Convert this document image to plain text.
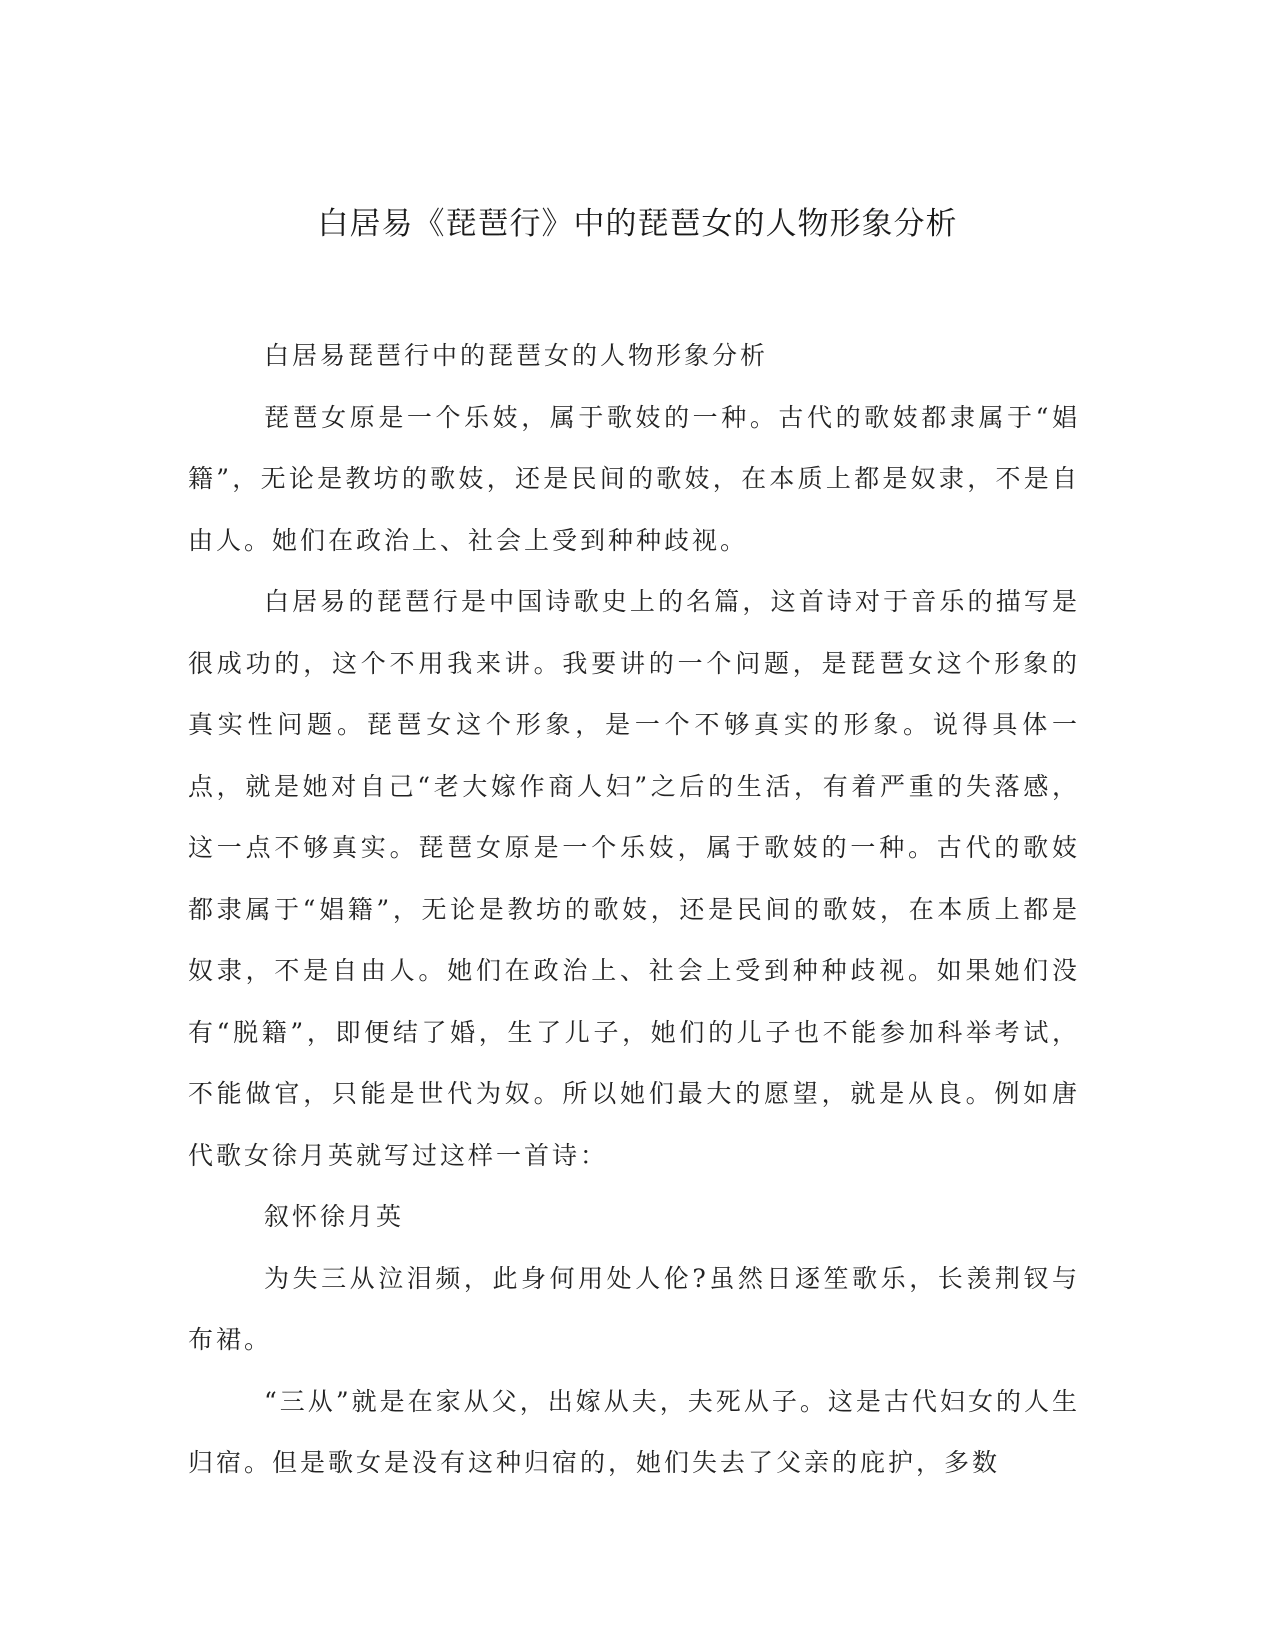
白居易《琵琶行》中的琵琶女的人物形象分析

白居易琵琶行中的琵琶女的人物形象分析

琵琶女原是一个乐妓，属于歌妓的一种。古代的歌妓都隶属于“娼籍”，无论是教坊的歌妓，还是民间的歌妓，在本质上都是奴隶，不是自由人。她们在政治上、社会上受到种种歧视。

白居易的琵琶行是中国诗歌史上的名篇，这首诗对于音乐的描写是很成功的，这个不用我来讲。我要讲的一个问题，是琵琶女这个形象的真实性问题。琵琶女这个形象，是一个不够真实的形象。说得具体一点，就是她对自己“老大嫁作商人妇”之后的生活，有着严重的失落感，这一点不够真实。琵琶女原是一个乐妓，属于歌妓的一种。古代的歌妓都隶属于“娼籍”，无论是教坊的歌妓，还是民间的歌妓，在本质上都是奴隶，不是自由人。她们在政治上、社会上受到种种歧视。如果她们没有“脱籍”，即便结了婚，生了儿子，她们的儿子也不能参加科举考试，不能做官，只能是世代为奴。所以她们最大的愿望，就是从良。例如唐代歌女徐月英就写过这样一首诗：

叙怀徐月英

为失三从泣泪频，此身何用处人伦?虽然日逐笙歌乐，长羡荆钗与布裙。

“三从”就是在家从父，出嫁从夫，夫死从子。这是古代妇女的人生归宿。但是歌女是没有这种归宿的，她们失去了父亲的庇护，多数
